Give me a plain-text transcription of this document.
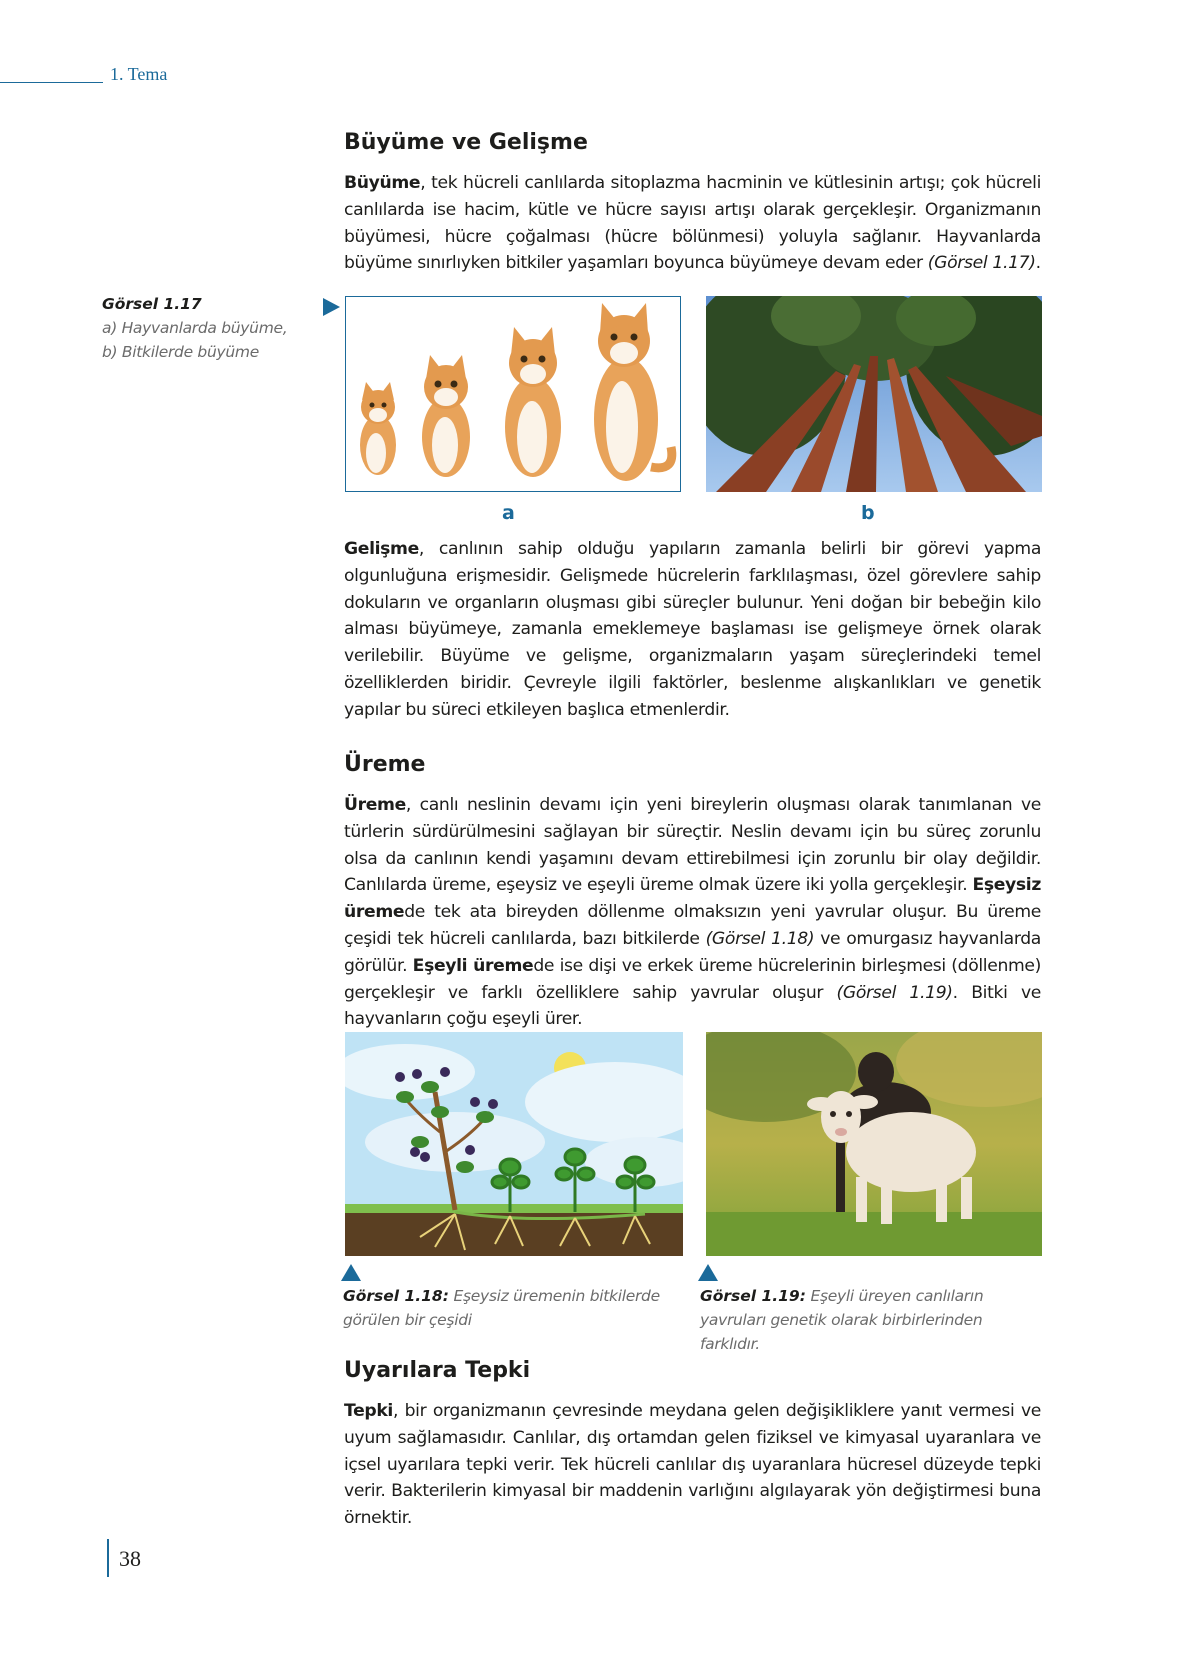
1. Tema
Büyüme ve Gelişme

Büyüme, tek hücreli canlılarda sitoplazma hacminin ve kütlesinin artışı; çok hücreli canlılarda ise hacim, kütle ve hücre sayısı artışı olarak gerçekleşir. Organizmanın büyümesi, hücre çoğalması (hücre bölünmesi) yoluyla sağlanır. Hayvanlarda büyüme sınırlıyken bitkiler yaşamları boyunca büyümeye devam eder (Görsel 1.17).

Görsel 1.17
a) Hayvanlarda büyüme,
b) Bitkilerde büyüme
a	b

Gelişme, canlının sahip olduğu yapıların zamanla belirli bir görevi yapma olgunluğuna erişmesidir. Gelişmede hücrelerin farklılaşması, özel görevlere sahip dokuların ve organların oluşması gibi süreçler bulunur. Yeni doğan bir bebeğin kilo alması büyümeye, zamanla emeklemeye başlaması ise gelişmeye örnek olarak verilebilir. Büyüme ve gelişme, organizmaların yaşam süreçlerindeki temel özelliklerden biridir. Çevreyle ilgili faktörler, beslenme alışkanlıkları ve genetik yapılar bu süreci etkileyen başlıca etmenlerdir.

Üreme

Üreme, canlı neslinin devamı için yeni bireylerin oluşması olarak tanımlanan ve türlerin sürdürülmesini sağlayan bir süreçtir. Neslin devamı için bu süreç zorunlu olsa da canlının kendi yaşamını devam ettirebilmesi için zorunlu bir olay değildir. Canlılarda üreme, eşeysiz ve eşeyli üreme olmak üzere iki yolla gerçekleşir. Eşeysiz üremede tek ata bireyden döllenme olmaksızın yeni yavrular oluşur. Bu üreme çeşidi tek hücreli canlılarda, bazı bitkilerde (Görsel 1.18) ve omurgasız hayvanlarda görülür. Eşeyli üremede ise dişi ve erkek üreme hücrelerinin birleşmesi (döllenme) gerçekleşir ve farklı özelliklere sahip yavrular oluşur (Görsel 1.19). Bitki ve hayvanların çoğu eşeyli ürer.

Görsel 1.18: Eşeysiz üremenin bitkilerde görülen bir çeşidi
Görsel 1.19: Eşeyli üreyen canlıların yavruları genetik olarak birbirlerinden farklıdır.
Uyarılara Tepki

Tepki, bir organizmanın çevresinde meydana gelen değişikliklere yanıt vermesi ve uyum sağlamasıdır. Canlılar, dış ortamdan gelen fiziksel ve kimyasal uyaranlara ve içsel uyarılara tepki verir. Tek hücreli canlılar dış uyaranlara hücresel düzeyde tepki verir. Bakterilerin kimyasal bir maddenin varlığını algılayarak yön değiştirmesi buna örnektir.

38
